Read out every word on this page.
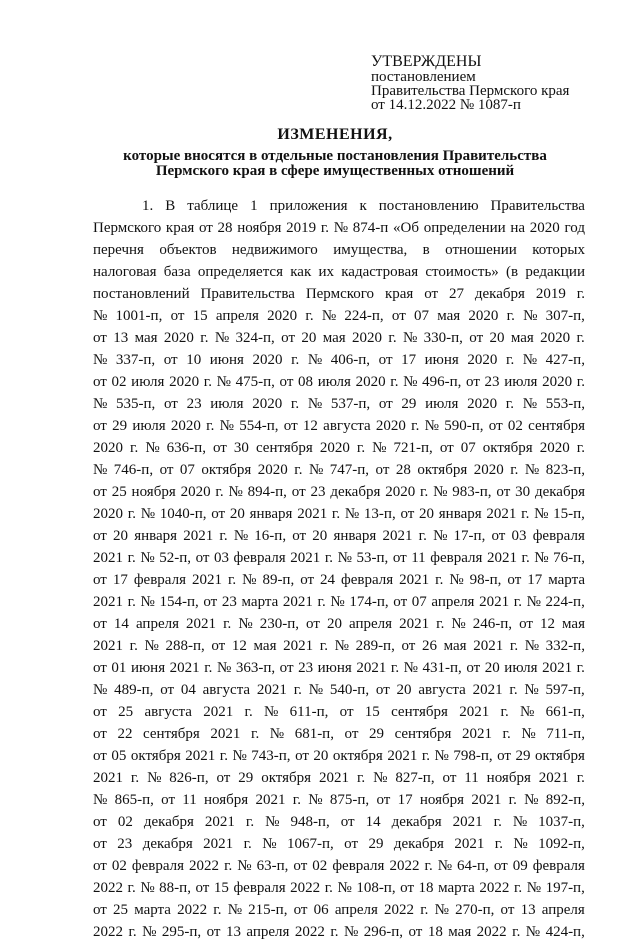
УТВЕРЖДЕНЫ
постановлением
Правительства Пермского края
от 14.12.2022 № 1087-п
ИЗМЕНЕНИЯ,
которые вносятся в отдельные постановления Правительства
Пермского края в сфере имущественных отношений
1. В таблице 1 приложения к постановлению Правительства
Пермского края от 28 ноября 2019 г. № 874-п «Об определении на 2020 год
перечня объектов недвижимого имущества, в отношении которых
налоговая база определяется как их кадастровая стоимость» (в редакции
постановлений Правительства Пермского края от 27 декабря 2019 г.
№ 1001-п, от 15 апреля 2020 г. № 224-п, от 07 мая 2020 г. № 307-п,
от 13 мая 2020 г. № 324-п, от 20 мая 2020 г. № 330-п, от 20 мая 2020 г.
№ 337-п, от 10 июня 2020 г. № 406-п, от 17 июня 2020 г. № 427-п,
от 02 июля 2020 г. № 475-п, от 08 июля 2020 г. № 496-п, от 23 июля 2020 г.
№ 535-п, от 23 июля 2020 г. № 537-п, от 29 июля 2020 г. № 553-п,
от 29 июля 2020 г. № 554-п, от 12 августа 2020 г. № 590-п, от 02 сентября
2020 г. № 636-п, от 30 сентября 2020 г. № 721-п, от 07 октября 2020 г.
№ 746-п, от 07 октября 2020 г. № 747-п, от 28 октября 2020 г. № 823-п,
от 25 ноября 2020 г. № 894-п, от 23 декабря 2020 г. № 983-п, от 30 декабря
2020 г. № 1040-п, от 20 января 2021 г. № 13-п, от 20 января 2021 г. № 15-п,
от 20 января 2021 г. № 16-п, от 20 января 2021 г. № 17-п, от 03 февраля
2021 г. № 52-п, от 03 февраля 2021 г. № 53-п, от 11 февраля 2021 г. № 76-п,
от 17 февраля 2021 г. № 89-п, от 24 февраля 2021 г. № 98-п, от 17 марта
2021 г. № 154-п, от 23 марта 2021 г. № 174-п, от 07 апреля 2021 г. № 224-п,
от 14 апреля 2021 г. № 230-п, от 20 апреля 2021 г. № 246-п, от 12 мая
2021 г. № 288-п, от 12 мая 2021 г. № 289-п, от 26 мая 2021 г. № 332-п,
от 01 июня 2021 г. № 363-п, от 23 июня 2021 г. № 431-п, от 20 июля 2021 г.
№ 489-п, от 04 августа 2021 г. № 540-п, от 20 августа 2021 г. № 597-п,
от 25 августа 2021 г. № 611-п, от 15 сентября 2021 г. № 661-п,
от 22 сентября 2021 г. № 681-п, от 29 сентября 2021 г. № 711-п,
от 05 октября 2021 г. № 743-п, от 20 октября 2021 г. № 798-п, от 29 октября
2021 г. № 826-п, от 29 октября 2021 г. № 827-п, от 11 ноября 2021 г.
№ 865-п, от 11 ноября 2021 г. № 875-п, от 17 ноября 2021 г. № 892-п,
от 02 декабря 2021 г. № 948-п, от 14 декабря 2021 г. № 1037-п,
от 23 декабря 2021 г. № 1067-п, от 29 декабря 2021 г. № 1092-п,
от 02 февраля 2022 г. № 63-п, от 02 февраля 2022 г. № 64-п, от 09 февраля
2022 г. № 88-п, от 15 февраля 2022 г. № 108-п, от 18 марта 2022 г. № 197-п,
от 25 марта 2022 г. № 215-п, от 06 апреля 2022 г. № 270-п, от 13 апреля
2022 г. № 295-п, от 13 апреля 2022 г. № 296-п, от 18 мая 2022 г. № 424-п,
